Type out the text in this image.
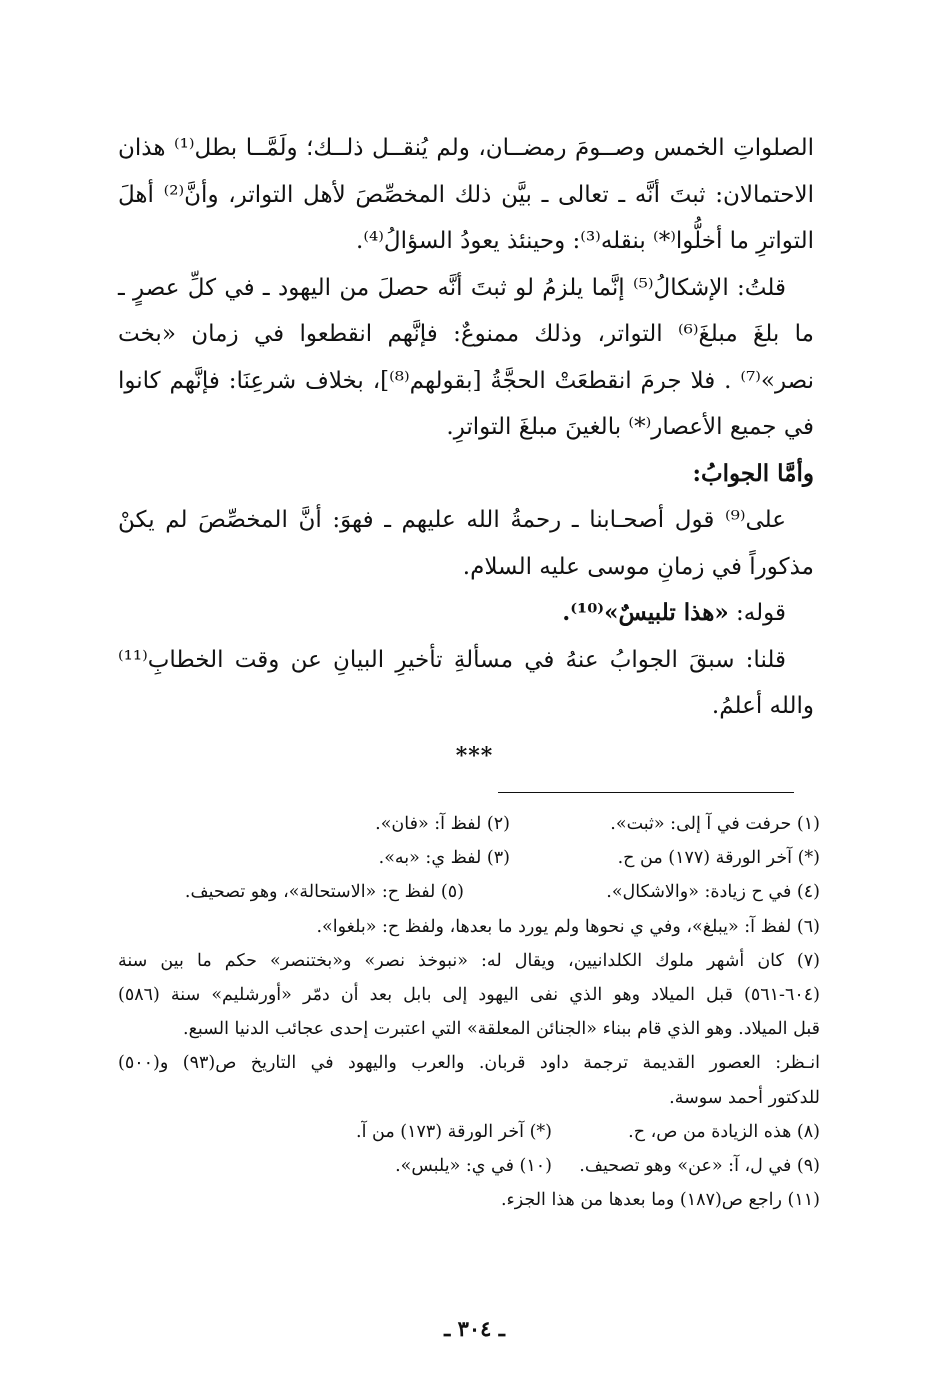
الصلواتِ الخمس وصــومَ رمضــان، ولم يُنقــل ذلــك؛ ولَمَّــا بطل⁽¹⁾ هذان الاحتمالان: ثبتَ أنَّه ـ تعالى ـ بيَّن ذلك المخصِّصَ لأهل التواتر، وأنَّ⁽²⁾ أهلَ التواترِ ما أخلُّوا⁽*⁾ بنقله⁽³⁾: وحينئذ يعودُ السؤالُ⁽⁴⁾.

قلتُ: الإشكالُ⁽⁵⁾ إنَّما يلزمُ لو ثبتَ أنَّه حصلَ من اليهود ـ في كلِّ عصرٍ ـ ما بلغَ مبلغَ⁽⁶⁾ التواتر، وذلك ممنوعٌ: فإنَّهم انقطعوا في زمان «بخت نصر»⁽⁷⁾ . فلا جرمَ انقطعَتْ الحجَّةُ [بقولهم⁽⁸⁾]، بخلاف شرعِنَا: فإنَّهم كانوا في جميع الأعصار⁽*⁾ بالغينَ مبلغَ التواترِ.

وأمَّا الجوابُ:

على⁽⁹⁾ قول أصحـابنا ـ رحمةُ الله عليهم ـ فهوَ: أنَّ المخصِّصَ لم يكنْ مذكوراً في زمانِ موسى عليه السلام.

قوله: «هذا تلبيسٌ»⁽¹⁰⁾.

قلنا: سبقَ الجوابُ عنهُ في مسألةِ تأخيرِ البيانِ عن وقت الخطابِ⁽¹¹⁾ والله أعلمُ.

***
(١) حرفت في آ إلى: «ثبت».
(٢) لفظ آ: «فان».
(*) آخر الورقة (١٧٧) من ح.
(٣) لفظ ي: «به».
(٤) في ح زيادة: «والاشكال».
(٥) لفظ ح: «الاستحالة»، وهو تصحيف.
(٦) لفظ آ: «يبلغ»، وفي ي نحوها ولم يورد ما بعدها، ولفظ ح: «بلغوا».
(٧) كان أشهر ملوك الكلدانيين، ويقال له: «نبوخذ نصر» و«بختنصر» حكم ما بين سنة
(٦٠٤-٥٦١) قبل الميلاد وهو الذي نفى اليهود إلى بابل بعد أن دمّر «أورشليم» سنة (٥٨٦)
قبل الميلاد. وهو الذي قام ببناء «الجنائن المعلقة» التي اعتبرت إحدى عجائب الدنيا السبع.
انـظر: العصور القديمة ترجمة داود قربان. والعرب واليهود في التاريخ ص(٩٣) و(٥٠٠)
للدكتور أحمد سوسة.
(٨) هذه الزيادة من ص، ح.
(*) آخر الورقة (١٧٣) من آ.
(٩) في ل، آ: «عن» وهو تصحيف.
(١٠) في ي: «يلبس».
(١١) راجع ص(١٨٧) وما بعدها من هذا الجزء.
ـ ٣٠٤ ـ
